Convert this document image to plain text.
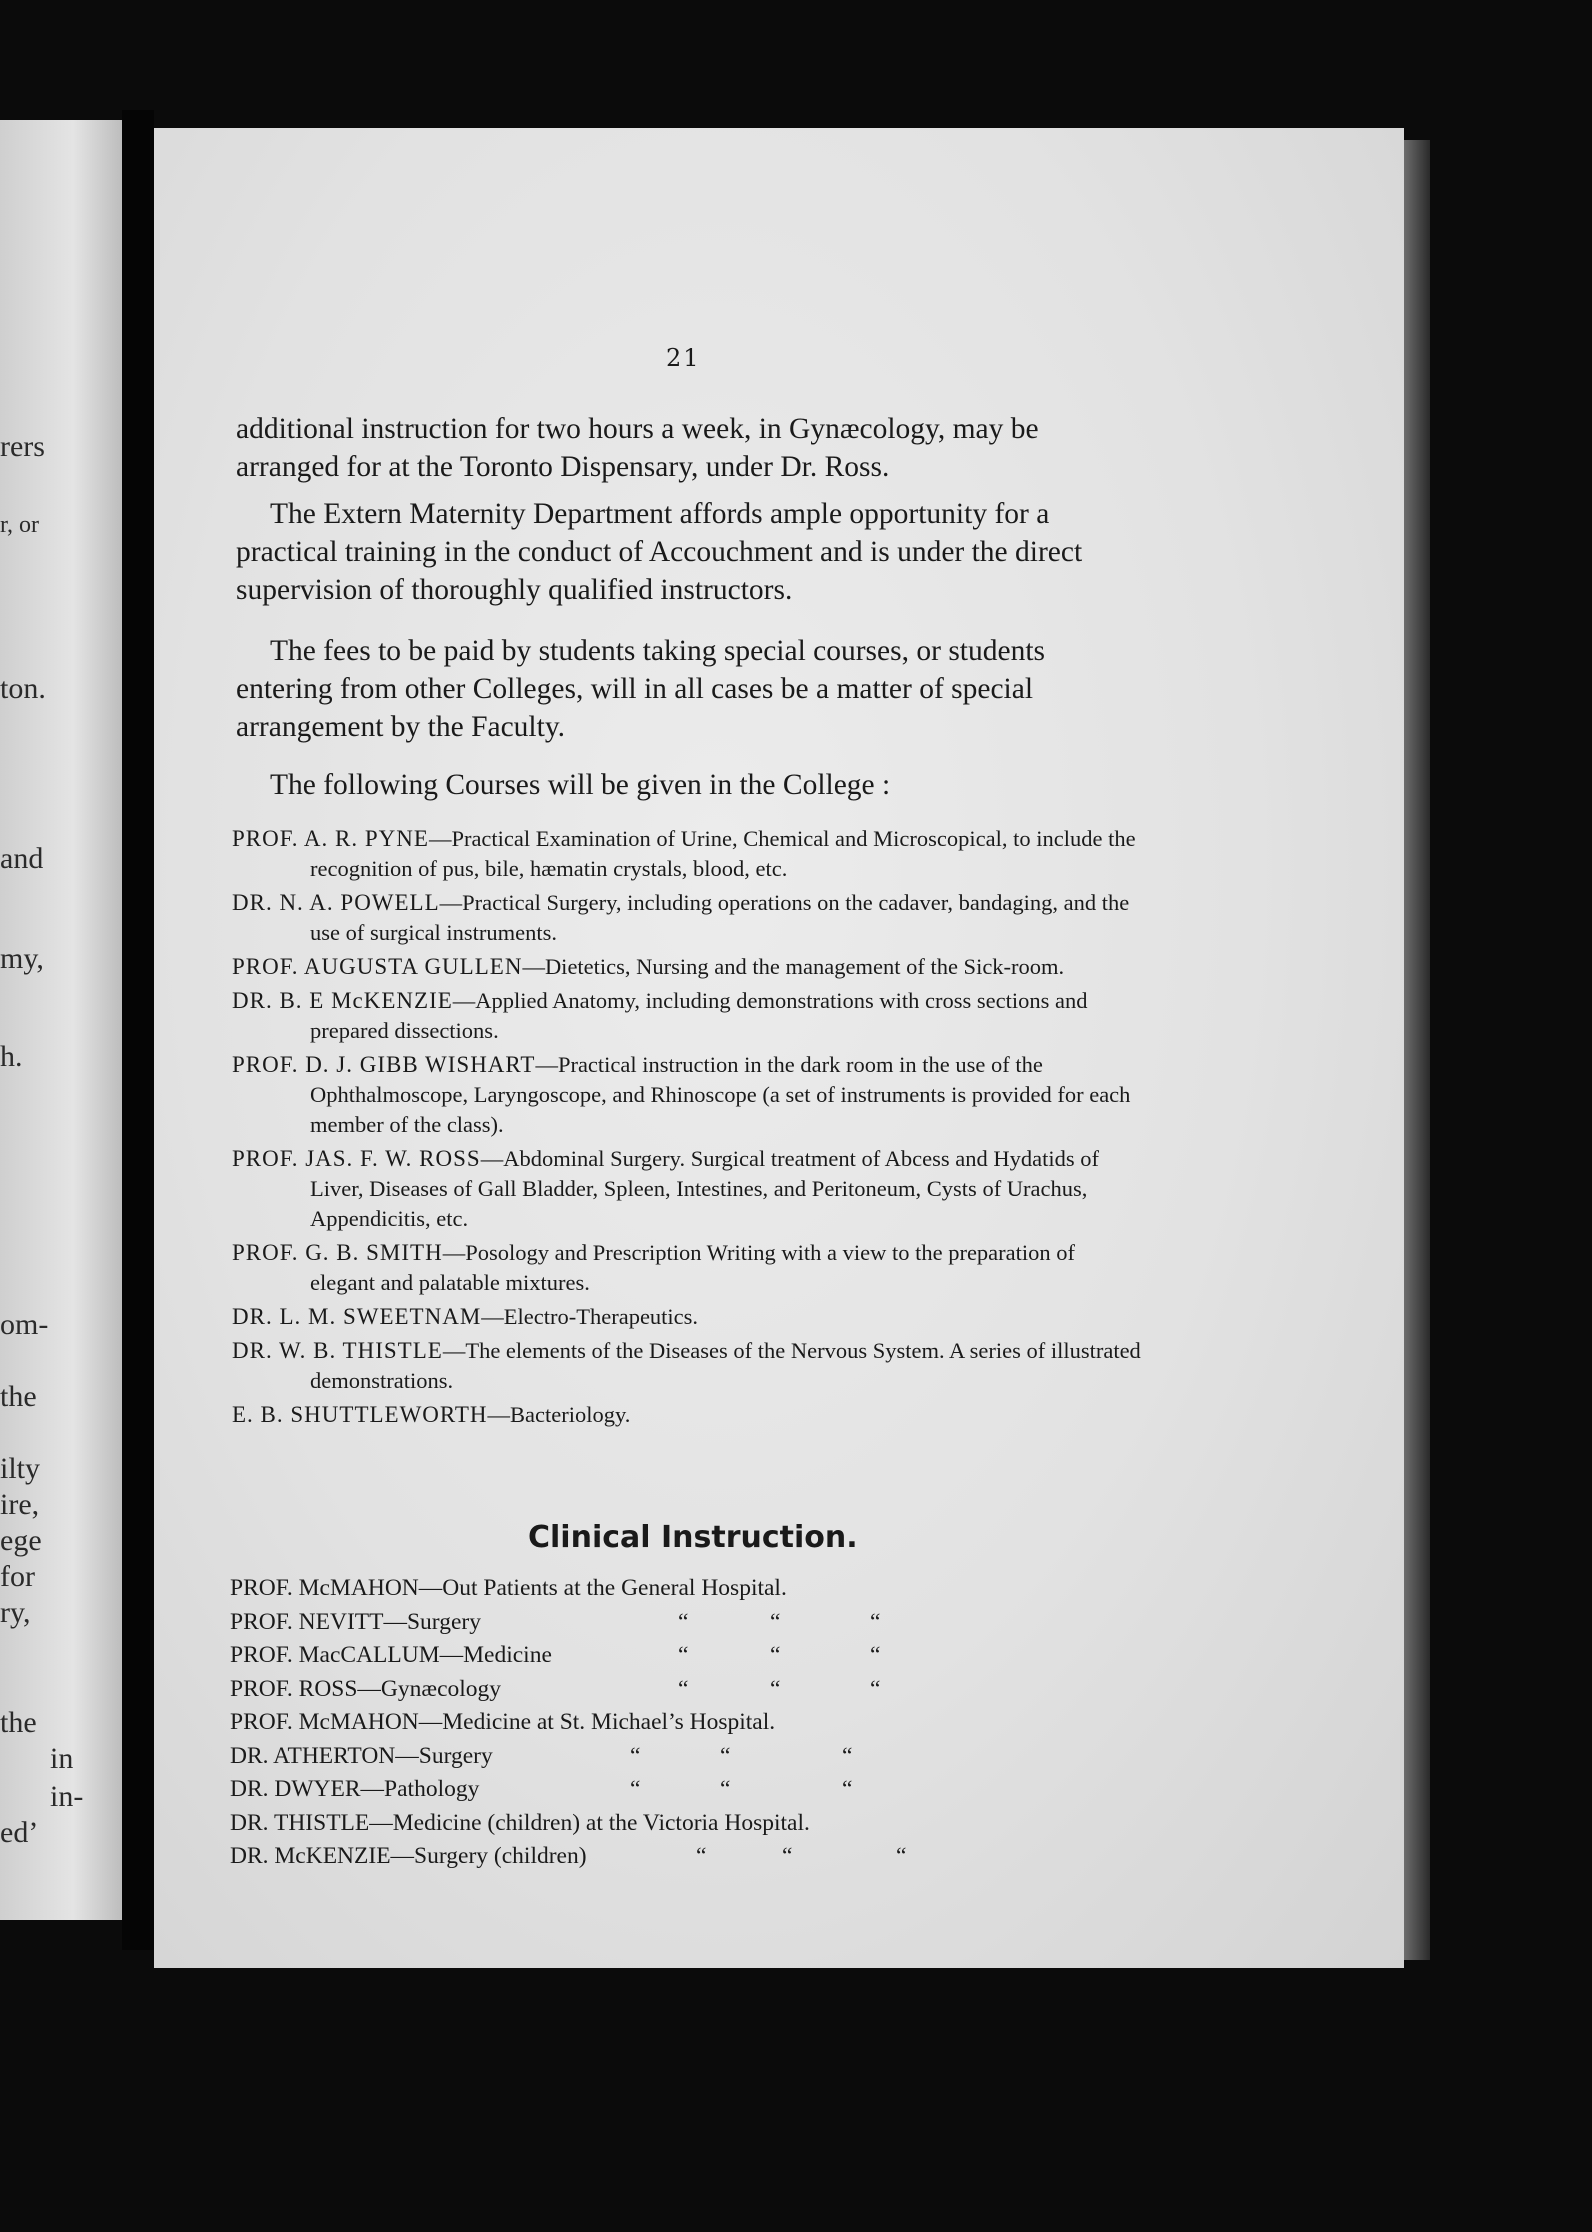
rers
r, or
ton.
and
my,
h.
om-
the
ilty
ire,
ege
for
ry,
the
in
in-
ed’
21

additional instruction for two hours a week, in Gynæcology, may be arranged for at the Toronto Dispensary, under Dr. Ross.

The Extern Maternity Department affords ample opportunity for a practical training in the conduct of Accouchment and is under the direct supervision of thoroughly qualified instructors.

The fees to be paid by students taking special courses, or students entering from other Colleges, will in all cases be a matter of special arrangement by the Faculty.

The following Courses will be given in the College :

PROF. A. R. PYNE—Practical Examination of Urine, Chemical and Microscopical, to include the recognition of pus, bile, hæmatin crystals, blood, etc.
DR. N. A. POWELL—Practical Surgery, including operations on the cadaver, bandaging, and the use of surgical instruments.
PROF. AUGUSTA GULLEN—Dietetics, Nursing and the management of the Sick-room.
DR. B. E McKENZIE—Applied Anatomy, including demonstrations with cross sections and prepared dissections.
PROF. D. J. GIBB WISHART—Practical instruction in the dark room in the use of the Ophthalmoscope, Laryngoscope, and Rhinoscope (a set of instruments is provided for each member of the class).
PROF. JAS. F. W. ROSS—Abdominal Surgery. Surgical treatment of Abcess and Hydatids of Liver, Diseases of Gall Bladder, Spleen, Intestines, and Peritoneum, Cysts of Urachus, Appendicitis, etc.
PROF. G. B. SMITH—Posology and Prescription Writing with a view to the preparation of elegant and palatable mixtures.
DR. L. M. SWEETNAM—Electro-Therapeutics.
DR. W. B. THISTLE—The elements of the Diseases of the Nervous System. A series of illustrated demonstrations.
E. B. SHUTTLEWORTH—Bacteriology.
Clinical Instruction.
PROF. McMAHON—Out Patients at the General Hospital.
PROF. NEVITT—Surgery	“	“	“
PROF. MacCALLUM—Medicine	“	“	“
PROF. ROSS—Gynæcology	“	“	“
PROF. McMAHON—Medicine at St. Michael’s Hospital.
DR. ATHERTON—Surgery	“	“	“
DR. DWYER—Pathology	“	“	“
DR. THISTLE—Medicine (children) at the Victoria Hospital.
DR. McKENZIE—Surgery (children)	“	“	“
